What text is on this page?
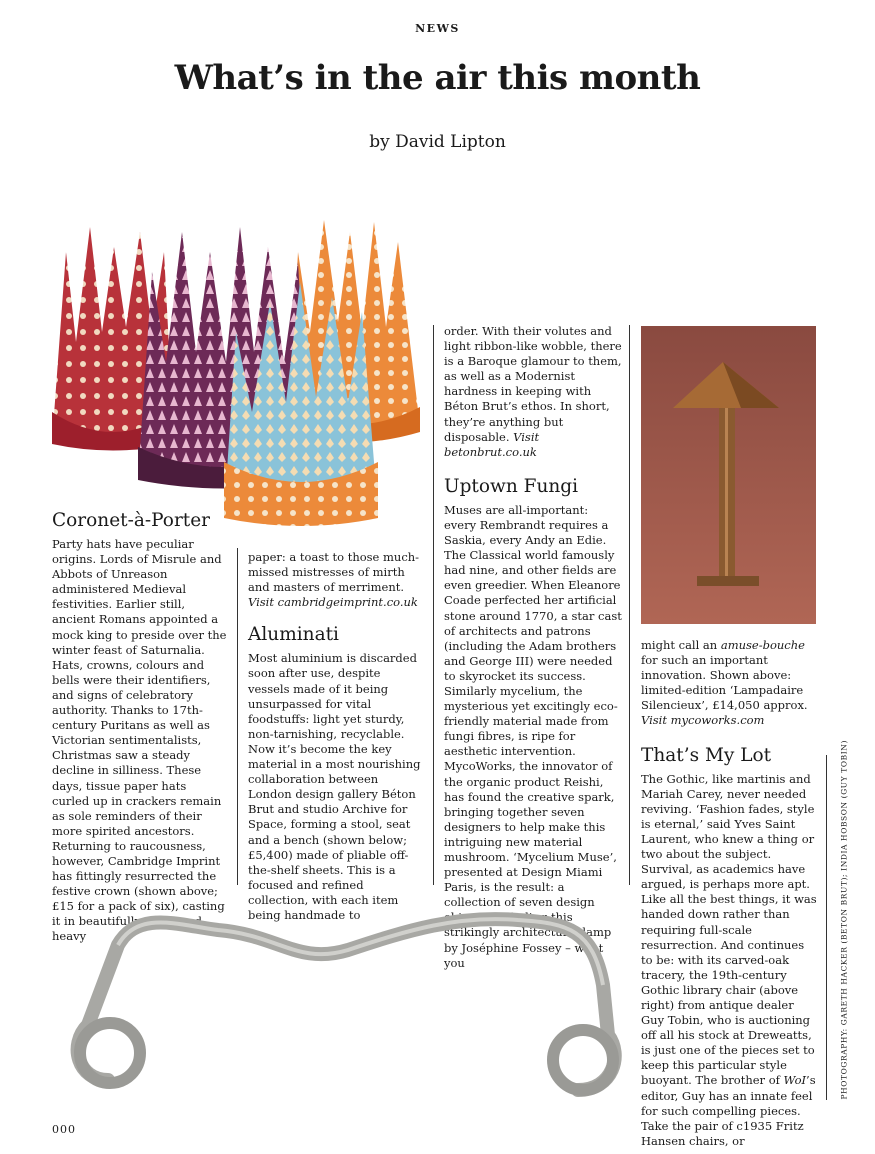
NEWS
What’s in the air this month
by David Lipton
Coronet-à-Porter

Party hats have peculiar origins. Lords of Misrule and Abbots of Unreason administered Medieval festivities. Earlier still, ancient Romans appointed a mock king to preside over the winter feast of Saturnalia. Hats, crowns, colours and bells were their identifiers, and signs of celebratory authority. Thanks to 17th-century Puritans as well as Victorian sentimentalists, Christmas saw a steady decline in silliness. These days, tissue paper hats curled up in crackers remain as sole reminders of their more spirited ancestors. Returning to raucousness, however, Cambridge Imprint has fittingly resurrected the festive crown (shown above; £15 for a pack of six), casting it in beautifully patterned, heavy

paper: a toast to those much-missed mistresses of mirth and masters of merriment. Visit cambridgeimprint.co.uk

Aluminati

Most aluminium is discarded soon after use, despite vessels made of it being unsurpassed for vital foodstuffs: light yet sturdy, non-tarnishing, recyclable. Now it’s become the key material in a most nourishing collaboration between London design gallery Béton Brut and studio Archive for Space, forming a stool, seat and a bench (shown below; £5,400) made of pliable off-the-shelf sheets. This is a focused and refined collection, with each item being handmade to

order. With their volutes and light ribbon-like wobble, there is a Baroque glamour to them, as well as a Modernist hardness in keeping with Béton Brut’s ethos. In short, they’re anything but disposable. Visit betonbrut.co.uk

Uptown Fungi

Muses are all-important: every Rembrandt requires a Saskia, every Andy an Edie. The Classical world famously had nine, and other fields are even greedier. When Eleanore Coade perfected her artificial stone around 1770, a star cast of architects and patrons (including the Adam brothers and George III) were needed to skyrocket its success. Similarly mycelium, the mysterious yet excitingly eco-friendly material made from fungi fibres, is ripe for aesthetic intervention. MycoWorks, the innovator of the organic product Reishi, has found the creative spark, bringing together seven designers to help make this intriguing new material mushroom. ‘Mycelium Muse’, presented at Design Miami Paris, is the result: a collection of seven design objects, including this strikingly architectural lamp by Joséphine Fossey – what you

might call an amuse-bouche for such an important innovation. Shown above: limited-edition ‘Lampadaire Silencieux’, £14,050 approx. Visit mycoworks.com

That’s My Lot

The Gothic, like martinis and Mariah Carey, never needed reviving. ‘Fashion fades, style is eternal,’ said Yves Saint Laurent, who knew a thing or two about the subject. Survival, as academics have argued, is perhaps more apt. Like all the best things, it was handed down rather than requiring full-scale resurrection. And continues to be: with its carved-oak tracery, the 19th-century Gothic library chair (above right) from antique dealer Guy Tobin, who is auctioning off all his stock at Dreweatts, is just one of the pieces set to keep this particular style buoyant. The brother of WoI’s editor, Guy has an innate feel for such compelling pieces. Take the pair of c1935 Fritz Hansen chairs, or

PHOTOGRAPHY: GARETH HACKER (BETON BRUT); INDIA HOBSON (GUY TOBIN)
000
